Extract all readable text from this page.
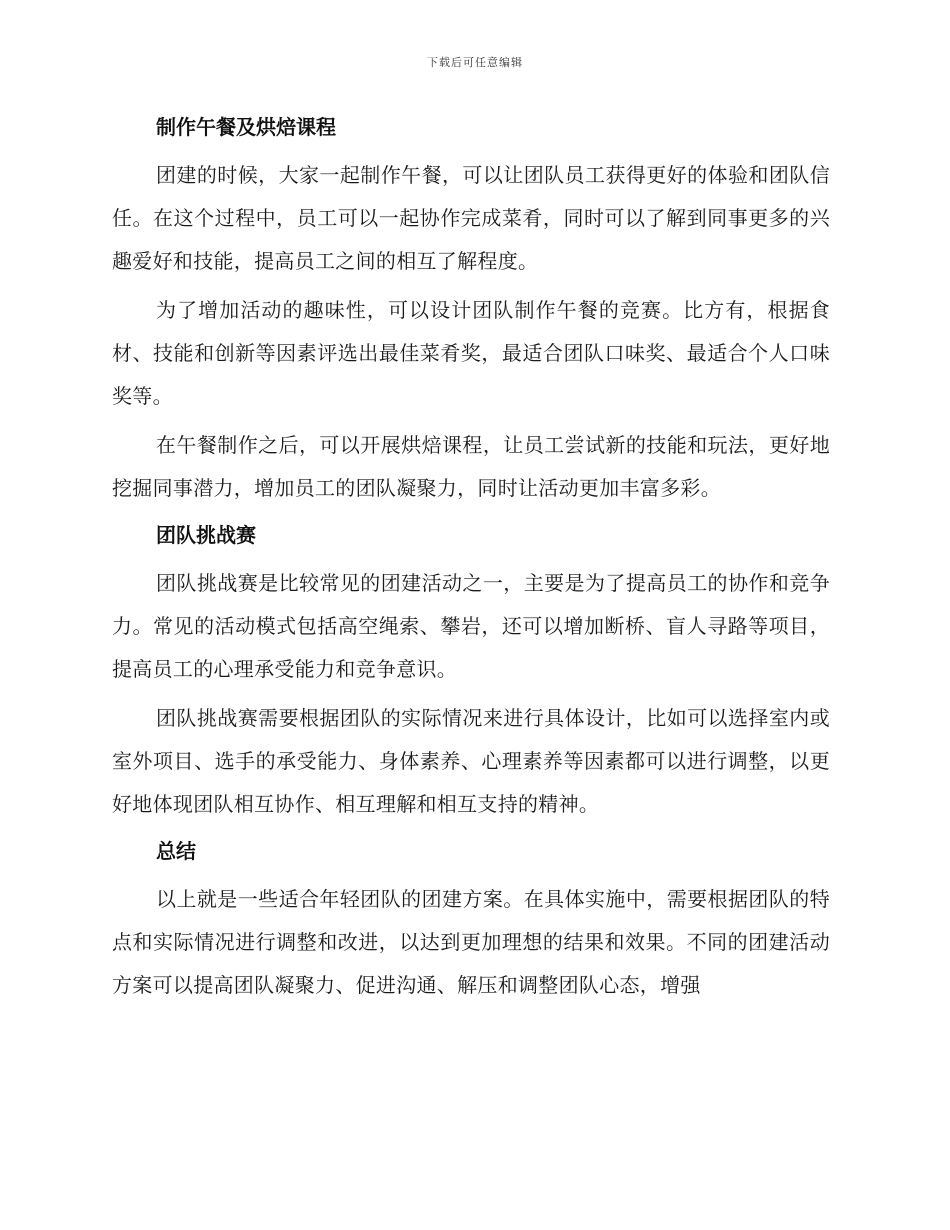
下载后可任意编辑
制作午餐及烘焙课程

团建的时候，大家一起制作午餐，可以让团队员工获得更好的体验和团队信任。在这个过程中，员工可以一起协作完成菜肴，同时可以了解到同事更多的兴趣爱好和技能，提高员工之间的相互了解程度。

为了增加活动的趣味性，可以设计团队制作午餐的竞赛。比方有，根据食材、技能和创新等因素评选出最佳菜肴奖，最适合团队口味奖、最适合个人口味奖等。

在午餐制作之后，可以开展烘焙课程，让员工尝试新的技能和玩法，更好地挖掘同事潜力，增加员工的团队凝聚力，同时让活动更加丰富多彩。

团队挑战赛

团队挑战赛是比较常见的团建活动之一，主要是为了提高员工的协作和竞争力。常见的活动模式包括高空绳索、攀岩，还可以增加断桥、盲人寻路等项目，提高员工的心理承受能力和竞争意识。

团队挑战赛需要根据团队的实际情况来进行具体设计，比如可以选择室内或室外项目、选手的承受能力、身体素养、心理素养等因素都可以进行调整，以更好地体现团队相互协作、相互理解和相互支持的精神。

总结

以上就是一些适合年轻团队的团建方案。在具体实施中，需要根据团队的特点和实际情况进行调整和改进，以达到更加理想的结果和效果。不同的团建活动方案可以提高团队凝聚力、促进沟通、解压和调整团队心态，增强
